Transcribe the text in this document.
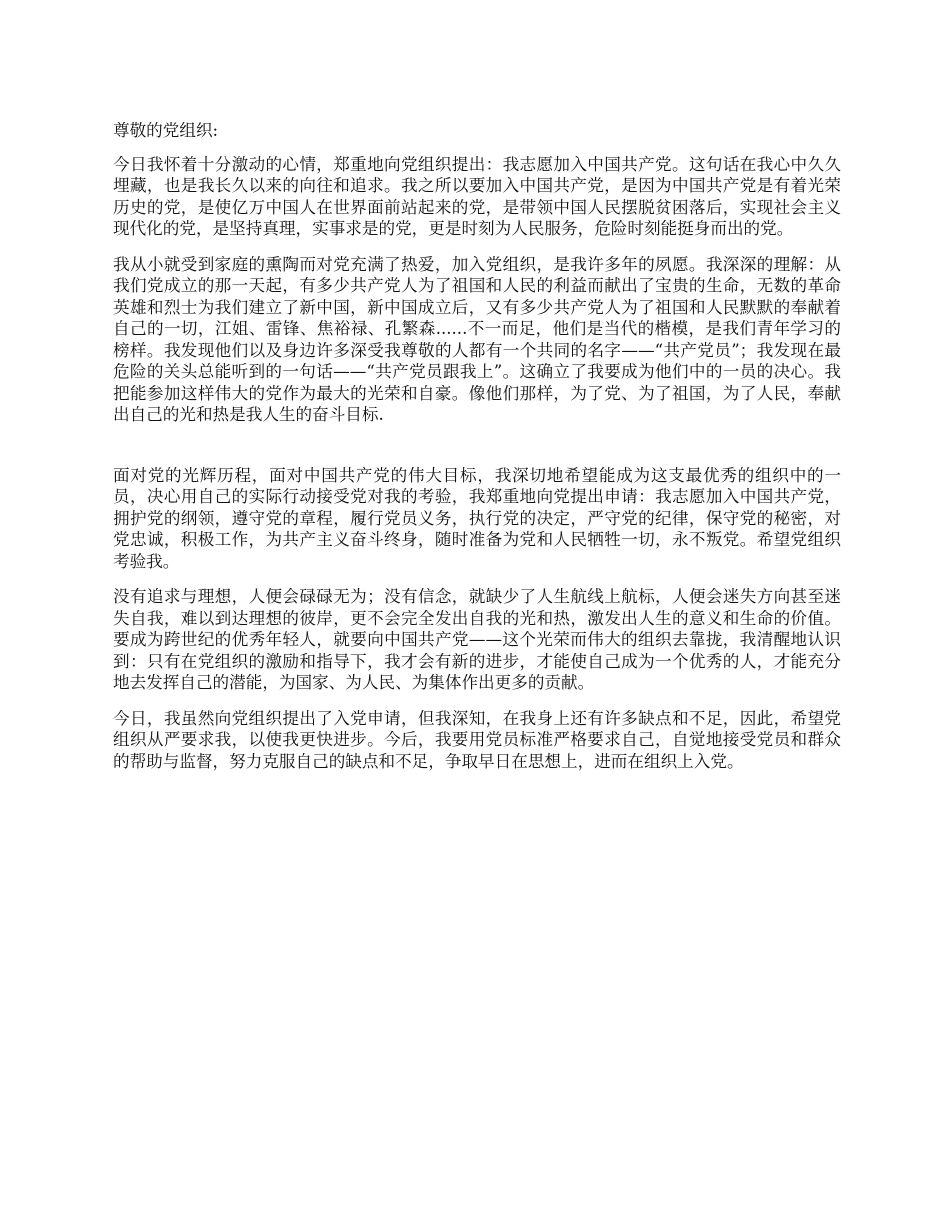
尊敬的党组织:

今日我怀着十分激动的心情，郑重地向党组织提出：我志愿加入中国共产党。这句话在我心中久久埋藏，也是我长久以来的向往和追求。我之所以要加入中国共产党，是因为中国共产党是有着光荣历史的党，是使亿万中国人在世界面前站起来的党，是带领中国人民摆脱贫困落后，实现社会主义现代化的党，是坚持真理，实事求是的党，更是时刻为人民服务，危险时刻能挺身而出的党。

我从小就受到家庭的熏陶而对党充满了热爱，加入党组织，是我许多年的夙愿。我深深的理解：从我们党成立的那一天起，有多少共产党人为了祖国和人民的利益而献出了宝贵的生命，无数的革命英雄和烈士为我们建立了新中国，新中国成立后，又有多少共产党人为了祖国和人民默默的奉献着自己的一切，江姐、雷锋、焦裕禄、孔繁森......不一而足，他们是当代的楷模，是我们青年学习的榜样。我发现他们以及身边许多深受我尊敬的人都有一个共同的名字——“共产党员”；我发现在最危险的关头总能听到的一句话——“共产党员跟我上”。这确立了我要成为他们中的一员的决心。我把能参加这样伟大的党作为最大的光荣和自豪。像他们那样，为了党、为了祖国，为了人民，奉献出自己的光和热是我人生的奋斗目标.

面对党的光辉历程，面对中国共产党的伟大目标，我深切地希望能成为这支最优秀的组织中的一员，决心用自己的实际行动接受党对我的考验，我郑重地向党提出申请：我志愿加入中国共产党，拥护党的纲领，遵守党的章程，履行党员义务，执行党的决定，严守党的纪律，保守党的秘密，对党忠诚，积极工作，为共产主义奋斗终身，随时准备为党和人民牺牲一切，永不叛党。希望党组织考验我。

没有追求与理想，人便会碌碌无为；没有信念，就缺少了人生航线上航标，人便会迷失方向甚至迷失自我，难以到达理想的彼岸，更不会完全发出自我的光和热，激发出人生的意义和生命的价值。要成为跨世纪的优秀年轻人，就要向中国共产党——这个光荣而伟大的组织去靠拢，我清醒地认识到：只有在党组织的激励和指导下，我才会有新的进步，才能使自己成为一个优秀的人，才能充分地去发挥自己的潜能，为国家、为人民、为集体作出更多的贡献。

今日，我虽然向党组织提出了入党申请，但我深知，在我身上还有许多缺点和不足，因此，希望党组织从严要求我，以使我更快进步。今后，我要用党员标准严格要求自己，自觉地接受党员和群众的帮助与监督，努力克服自己的缺点和不足，争取早日在思想上，进而在组织上入党。
